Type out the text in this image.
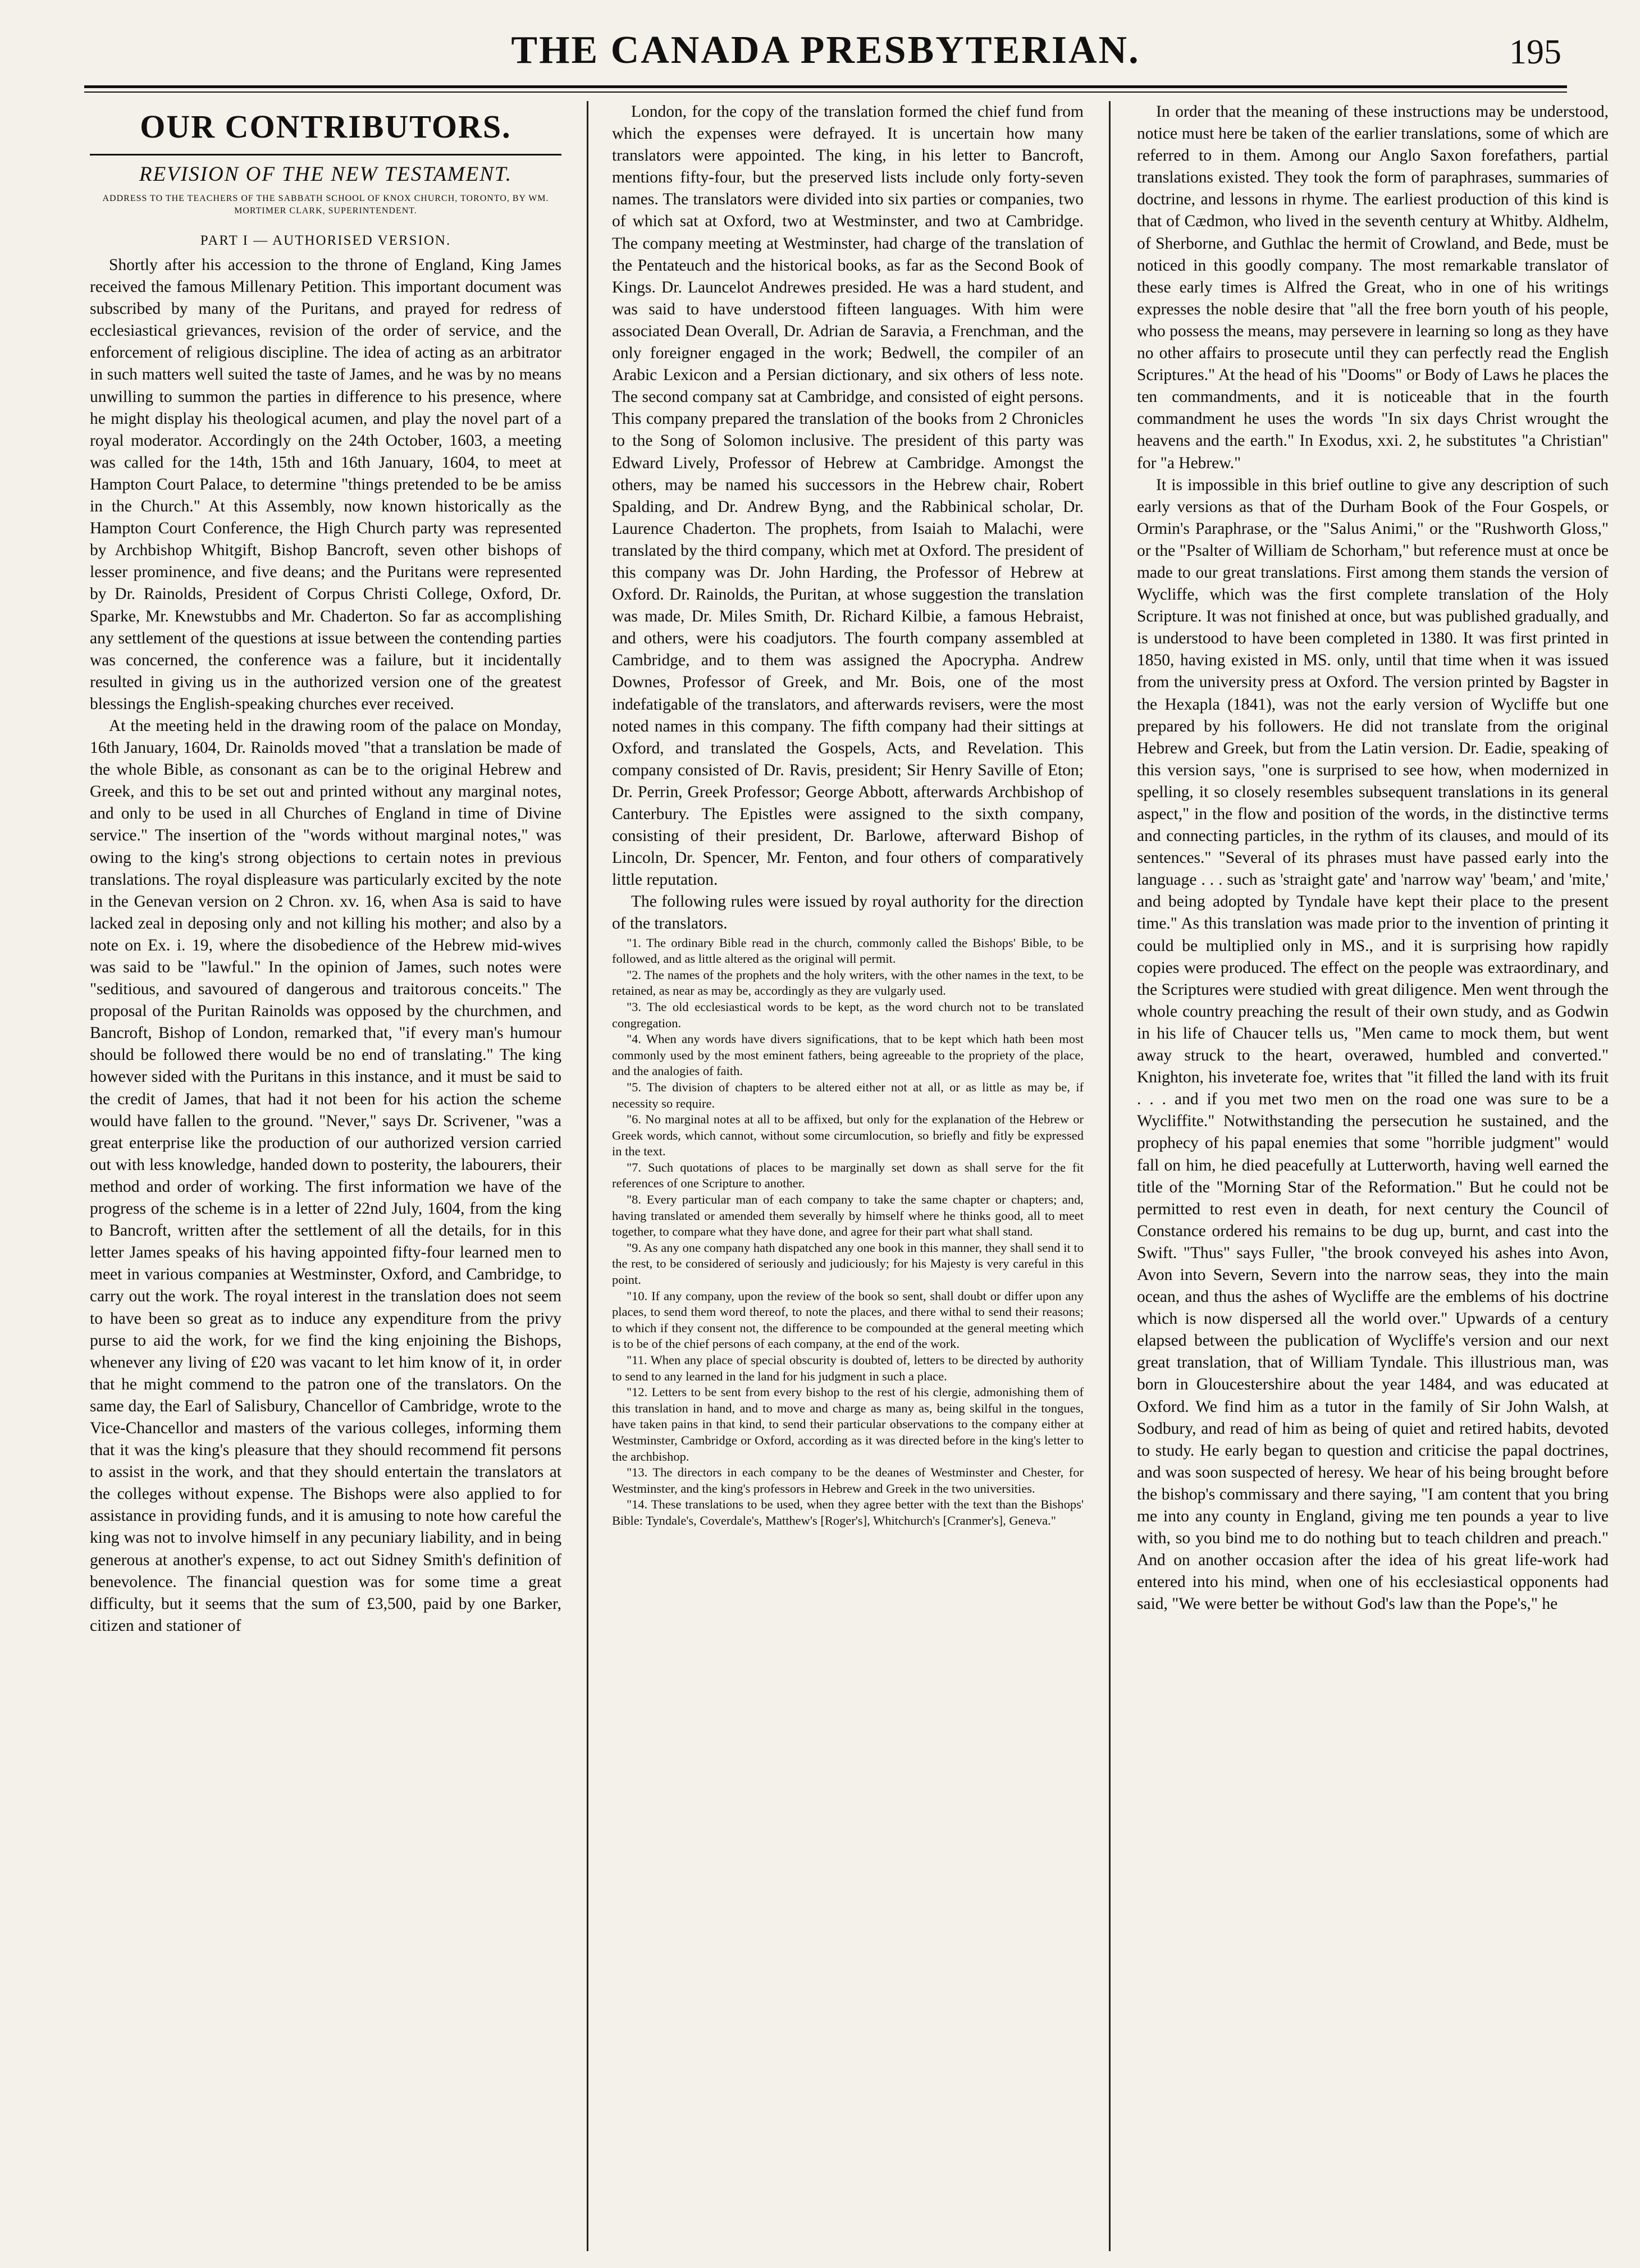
THE CANADA PRESBYTERIAN.	195
OUR CONTRIBUTORS.
REVISION OF THE NEW TESTAMENT.
ADDRESS TO THE TEACHERS OF THE SABBATH SCHOOL OF KNOX CHURCH, TORONTO, BY WM. MORTIMER CLARK, SUPERINTENDENT.
PART I — AUTHORISED VERSION.

Shortly after his accession to the throne of England, King James received the famous Millenary Petition. This important document was subscribed by many of the Puritans, and prayed for redress of ecclesiastical grievances, revision of the order of service, and the enforcement of religious discipline. The idea of acting as an arbitrator in such matters well suited the taste of James, and he was by no means unwilling to summon the parties in difference to his presence, where he might display his theological acumen, and play the novel part of a royal moderator. Accordingly on the 24th October, 1603, a meeting was called for the 14th, 15th and 16th January, 1604, to meet at Hampton Court Palace, to determine "things pretended to be be amiss in the Church." At this Assembly, now known historically as the Hampton Court Conference, the High Church party was represented by Archbishop Whitgift, Bishop Bancroft, seven other bishops of lesser prominence, and five deans; and the Puritans were represented by Dr. Rainolds, President of Corpus Christi College, Oxford, Dr. Sparke, Mr. Knewstubbs and Mr. Chaderton. So far as accomplishing any settlement of the questions at issue between the contending parties was concerned, the conference was a failure, but it incidentally resulted in giving us in the authorized version one of the greatest blessings the English-speaking churches ever received.

At the meeting held in the drawing room of the palace on Monday, 16th January, 1604, Dr. Rainolds moved "that a translation be made of the whole Bible, as consonant as can be to the original Hebrew and Greek, and this to be set out and printed without any marginal notes, and only to be used in all Churches of England in time of Divine service." The insertion of the "words without marginal notes," was owing to the king's strong objections to certain notes in previous translations. The royal displeasure was particularly excited by the note in the Genevan version on 2 Chron. xv. 16, when Asa is said to have lacked zeal in deposing only and not killing his mother; and also by a note on Ex. i. 19, where the disobedience of the Hebrew mid-wives was said to be "lawful." In the opinion of James, such notes were "seditious, and savoured of dangerous and traitorous conceits." The proposal of the Puritan Rainolds was opposed by the churchmen, and Bancroft, Bishop of London, remarked that, "if every man's humour should be followed there would be no end of translating." The king however sided with the Puritans in this instance, and it must be said to the credit of James, that had it not been for his action the scheme would have fallen to the ground. "Never," says Dr. Scrivener, "was a great enterprise like the production of our authorized version carried out with less knowledge, handed down to posterity, the labourers, their method and order of working. The first information we have of the progress of the scheme is in a letter of 22nd July, 1604, from the king to Bancroft, written after the settlement of all the details, for in this letter James speaks of his having appointed fifty-four learned men to meet in various companies at Westminster, Oxford, and Cambridge, to carry out the work. The royal interest in the translation does not seem to have been so great as to induce any expenditure from the privy purse to aid the work, for we find the king enjoining the Bishops, whenever any living of £20 was vacant to let him know of it, in order that he might commend to the patron one of the translators. On the same day, the Earl of Salisbury, Chancellor of Cambridge, wrote to the Vice-Chancellor and masters of the various colleges, informing them that it was the king's pleasure that they should recommend fit persons to assist in the work, and that they should entertain the translators at the colleges without expense. The Bishops were also applied to for assistance in providing funds, and it is amusing to note how careful the king was not to involve himself in any pecuniary liability, and in being generous at another's expense, to act out Sidney Smith's definition of benevolence. The financial question was for some time a great difficulty, but it seems that the sum of £3,500, paid by one Barker, citizen and stationer of

London, for the copy of the translation formed the chief fund from which the expenses were defrayed. It is uncertain how many translators were appointed. The king, in his letter to Bancroft, mentions fifty-four, but the preserved lists include only forty-seven names. The translators were divided into six parties or companies, two of which sat at Oxford, two at Westminster, and two at Cambridge. The company meeting at Westminster, had charge of the translation of the Pentateuch and the historical books, as far as the Second Book of Kings. Dr. Launcelot Andrewes presided. He was a hard student, and was said to have understood fifteen languages. With him were associated Dean Overall, Dr. Adrian de Saravia, a Frenchman, and the only foreigner engaged in the work; Bedwell, the compiler of an Arabic Lexicon and a Persian dictionary, and six others of less note. The second company sat at Cambridge, and consisted of eight persons. This company prepared the translation of the books from 2 Chronicles to the Song of Solomon inclusive. The president of this party was Edward Lively, Professor of Hebrew at Cambridge. Amongst the others, may be named his successors in the Hebrew chair, Robert Spalding, and Dr. Andrew Byng, and the Rabbinical scholar, Dr. Laurence Chaderton. The prophets, from Isaiah to Malachi, were translated by the third company, which met at Oxford. The president of this company was Dr. John Harding, the Professor of Hebrew at Oxford. Dr. Rainolds, the Puritan, at whose suggestion the translation was made, Dr. Miles Smith, Dr. Richard Kilbie, a famous Hebraist, and others, were his coadjutors. The fourth company assembled at Cambridge, and to them was assigned the Apocrypha. Andrew Downes, Professor of Greek, and Mr. Bois, one of the most indefatigable of the translators, and afterwards revisers, were the most noted names in this company. The fifth company had their sittings at Oxford, and translated the Gospels, Acts, and Revelation. This company consisted of Dr. Ravis, president; Sir Henry Saville of Eton; Dr. Perrin, Greek Professor; George Abbott, afterwards Archbishop of Canterbury. The Epistles were assigned to the sixth company, consisting of their president, Dr. Barlowe, afterward Bishop of Lincoln, Dr. Spencer, Mr. Fenton, and four others of comparatively little reputation.

The following rules were issued by royal authority for the direction of the translators.

"1. The ordinary Bible read in the church, commonly called the Bishops' Bible, to be followed, and as little altered as the original will permit.

"2. The names of the prophets and the holy writers, with the other names in the text, to be retained, as near as may be, accordingly as they are vulgarly used.

"3. The old ecclesiastical words to be kept, as the word church not to be translated congregation.

"4. When any words have divers significations, that to be kept which hath been most commonly used by the most eminent fathers, being agreeable to the propriety of the place, and the analogies of faith.

"5. The division of chapters to be altered either not at all, or as little as may be, if necessity so require.

"6. No marginal notes at all to be affixed, but only for the explanation of the Hebrew or Greek words, which cannot, without some circumlocution, so briefly and fitly be expressed in the text.

"7. Such quotations of places to be marginally set down as shall serve for the fit references of one Scripture to another.

"8. Every particular man of each company to take the same chapter or chapters; and, having translated or amended them severally by himself where he thinks good, all to meet together, to compare what they have done, and agree for their part what shall stand.

"9. As any one company hath dispatched any one book in this manner, they shall send it to the rest, to be considered of seriously and judiciously; for his Majesty is very careful in this point.

"10. If any company, upon the review of the book so sent, shall doubt or differ upon any places, to send them word thereof, to note the places, and there withal to send their reasons; to which if they consent not, the difference to be compounded at the general meeting which is to be of the chief persons of each company, at the end of the work.

"11. When any place of special obscurity is doubted of, letters to be directed by authority to send to any learned in the land for his judgment in such a place.

"12. Letters to be sent from every bishop to the rest of his clergie, admonishing them of this translation in hand, and to move and charge as many as, being skilful in the tongues, have taken pains in that kind, to send their particular observations to the company either at Westminster, Cambridge or Oxford, according as it was directed before in the king's letter to the archbishop.

"13. The directors in each company to be the deanes of Westminster and Chester, for Westminster, and the king's professors in Hebrew and Greek in the two universities.

"14. These translations to be used, when they agree better with the text than the Bishops' Bible: Tyndale's, Coverdale's, Matthew's [Roger's], Whitchurch's [Cranmer's], Geneva."

In order that the meaning of these instructions may be understood, notice must here be taken of the earlier translations, some of which are referred to in them. Among our Anglo Saxon forefathers, partial translations existed. They took the form of paraphrases, summaries of doctrine, and lessons in rhyme. The earliest production of this kind is that of Cædmon, who lived in the seventh century at Whitby. Aldhelm, of Sherborne, and Guthlac the hermit of Crowland, and Bede, must be noticed in this goodly company. The most remarkable translator of these early times is Alfred the Great, who in one of his writings expresses the noble desire that "all the free born youth of his people, who possess the means, may persevere in learning so long as they have no other affairs to prosecute until they can perfectly read the English Scriptures." At the head of his "Dooms" or Body of Laws he places the ten commandments, and it is noticeable that in the fourth commandment he uses the words "In six days Christ wrought the heavens and the earth." In Exodus, xxi. 2, he substitutes "a Christian" for "a Hebrew."

It is impossible in this brief outline to give any description of such early versions as that of the Durham Book of the Four Gospels, or Ormin's Paraphrase, or the "Salus Animi," or the "Rushworth Gloss," or the "Psalter of William de Schorham," but reference must at once be made to our great translations. First among them stands the version of Wycliffe, which was the first complete translation of the Holy Scripture. It was not finished at once, but was published gradually, and is understood to have been completed in 1380. It was first printed in 1850, having existed in MS. only, until that time when it was issued from the university press at Oxford. The version printed by Bagster in the Hexapla (1841), was not the early version of Wycliffe but one prepared by his followers. He did not translate from the original Hebrew and Greek, but from the Latin version. Dr. Eadie, speaking of this version says, "one is surprised to see how, when modernized in spelling, it so closely resembles subsequent translations in its general aspect," in the flow and position of the words, in the distinctive terms and connecting particles, in the rythm of its clauses, and mould of its sentences." "Several of its phrases must have passed early into the language . . . such as 'straight gate' and 'narrow way' 'beam,' and 'mite,' and being adopted by Tyndale have kept their place to the present time." As this translation was made prior to the invention of printing it could be multiplied only in MS., and it is surprising how rapidly copies were produced. The effect on the people was extraordinary, and the Scriptures were studied with great diligence. Men went through the whole country preaching the result of their own study, and as Godwin in his life of Chaucer tells us, "Men came to mock them, but went away struck to the heart, overawed, humbled and converted." Knighton, his inveterate foe, writes that "it filled the land with its fruit . . . and if you met two men on the road one was sure to be a Wycliffite." Notwithstanding the persecution he sustained, and the prophecy of his papal enemies that some "horrible judgment" would fall on him, he died peacefully at Lutterworth, having well earned the title of the "Morning Star of the Reformation." But he could not be permitted to rest even in death, for next century the Council of Constance ordered his remains to be dug up, burnt, and cast into the Swift. "Thus" says Fuller, "the brook conveyed his ashes into Avon, Avon into Severn, Severn into the narrow seas, they into the main ocean, and thus the ashes of Wycliffe are the emblems of his doctrine which is now dispersed all the world over." Upwards of a century elapsed between the publication of Wycliffe's version and our next great translation, that of William Tyndale. This illustrious man, was born in Gloucestershire about the year 1484, and was educated at Oxford. We find him as a tutor in the family of Sir John Walsh, at Sodbury, and read of him as being of quiet and retired habits, devoted to study. He early began to question and criticise the papal doctrines, and was soon suspected of heresy. We hear of his being brought before the bishop's commissary and there saying, "I am content that you bring me into any county in England, giving me ten pounds a year to live with, so you bind me to do nothing but to teach children and preach." And on another occasion after the idea of his great life-work had entered into his mind, when one of his ecclesiastical opponents had said, "We were better be without God's law than the Pope's," he
